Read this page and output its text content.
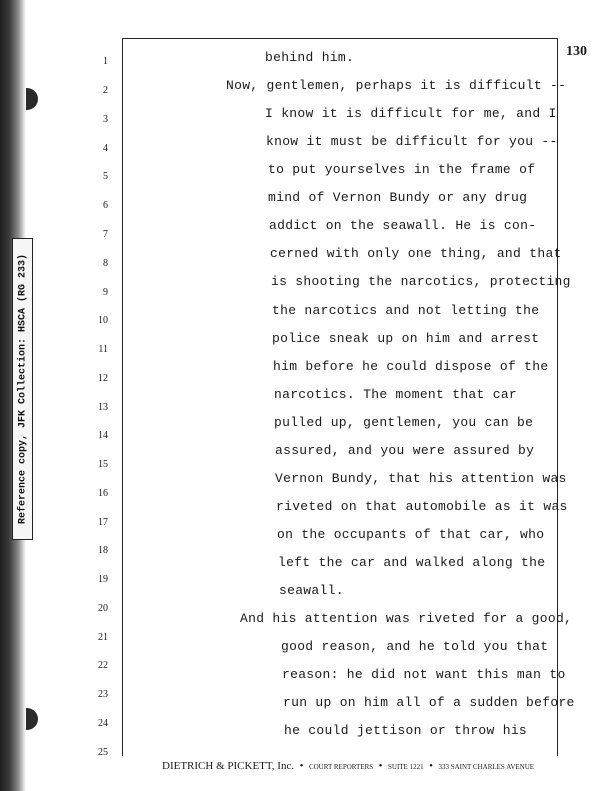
Reference copy, JFK Collection: HSCA (RG 233)
130
1	behind him.
2	Now, gentlemen, perhaps it is difficult --
3	I know it is difficult for me, and I
4	know it must be difficult for you --
5	to put yourselves in the frame of
6
mind of Vernon Bundy or any drug
7
addict on the seawall. He is con-
8
cerned with only one thing, and that
9
is shooting the narcotics, protecting
10
the narcotics and not letting the
11
police sneak up on him and arrest
12
him before he could dispose of the
13
narcotics. The moment that car
14
pulled up, gentlemen, you can be
15
assured, and you were assured by
16
Vernon Bundy, that his attention was
17
riveted on that automobile as it was
18
on the occupants of that car, who
19
left the car and walked along the
20
seawall.
21
And his attention was riveted for a good,
22
good reason, and he told you that
23
reason: he did not want this man to
24
run up on him all of a sudden before
25
he could jettison or throw his
DIETRICH & PICKETT, Inc.  •  COURT REPORTERS  •  SUITE 1221  •  333 SAINT CHARLES AVENUE
